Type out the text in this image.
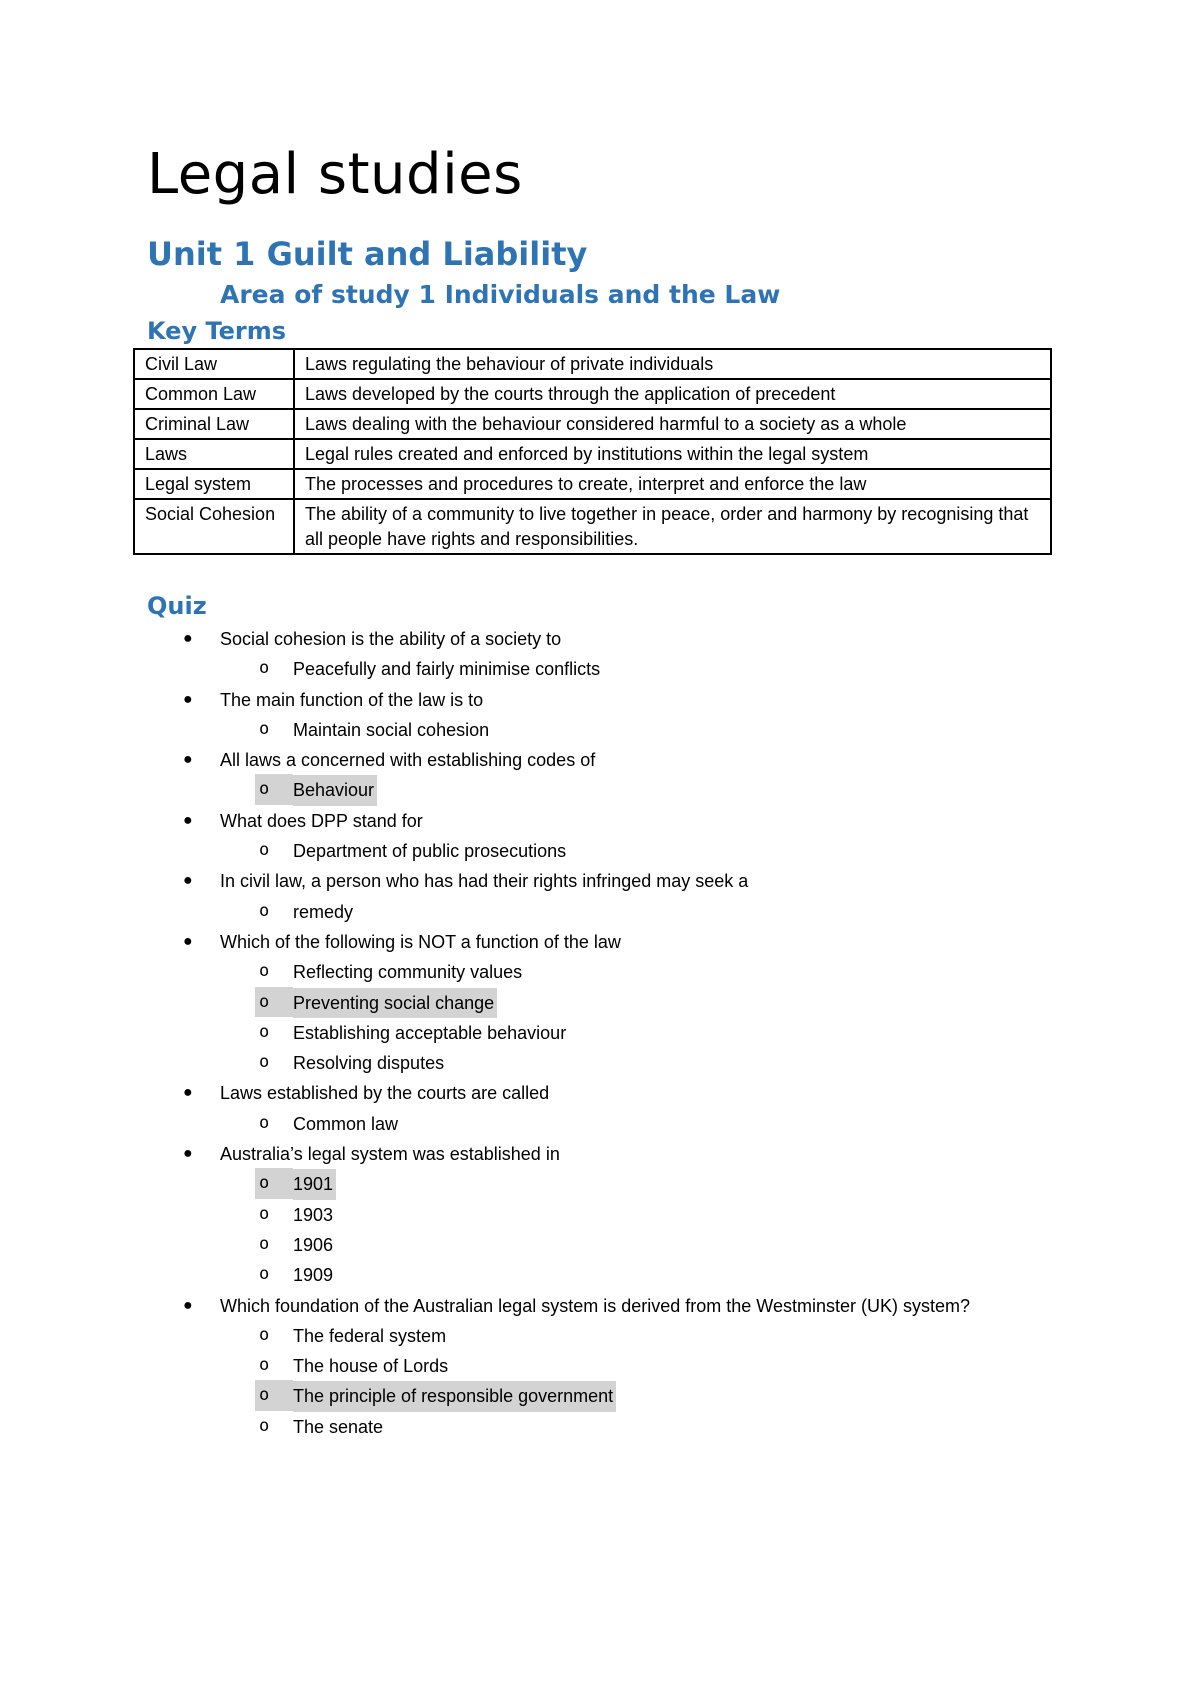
Legal studies
Unit 1 Guilt and Liability
Area of study 1 Individuals and the Law
Key Terms
Civil Law	Laws regulating the behaviour of private individuals
Common Law	Laws developed by the courts through the application of precedent
Criminal Law	Laws dealing with the behaviour considered harmful to a society as a whole
Laws	Legal rules created and enforced by institutions within the legal system
Legal system	The processes and procedures to create, interpret and enforce the law
Social Cohesion	The ability of a community to live together in peace, order and harmony by recognising that all people have rights and responsibilities.
Quiz
● Social cohesion is the ability of a society to
o Peacefully and fairly minimise conflicts
● The main function of the law is to
o Maintain social cohesion
● All laws a concerned with establishing codes of
o	Behaviour
● What does DPP stand for
o Department of public prosecutions
● In civil law, a person who has had their rights infringed may seek a
o remedy
● Which of the following is NOT a function of the law
o Reflecting community values
o	Preventing social change
o Establishing acceptable behaviour
o Resolving disputes
● Laws established by the courts are called
o Common law
● Australia’s legal system was established in
o	1901
o 1903
o 1906
o 1909
● Which foundation of the Australian legal system is derived from the Westminster (UK) system?
o The federal system
o The house of Lords
o	The principle of responsible government
o The senate
